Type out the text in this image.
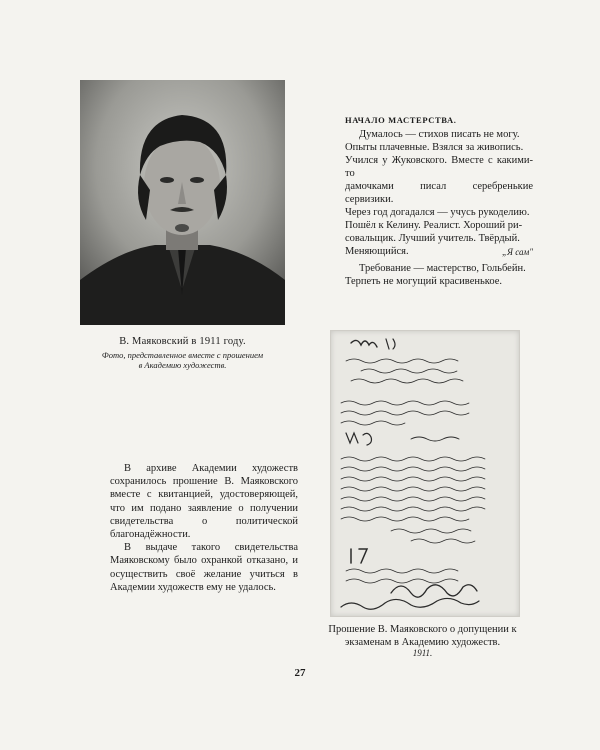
В. Маяковский в 1911 году.
Фото, представленное вместе с прошением
в Академию художеств.
НАЧАЛО МАСТЕРСТВА.

Думалось — стихов писать не могу.

Опыты плачевные. Взялся за живопись.

Учился у Жуковского. Вместе с какими-то

дамочками писал серебренькие сервизики.

Через год догадался — учусь рукоделию.

Пошёл к Келину. Реалист. Хороший ри-

совальщик. Лучший учитель. Твёрдый.

Меняющийся.

Требование — мастерство, Гольбейн.

Терпеть не могущий красивенькое.

„Я сам"

В архиве Академии художеств сохранилось прошение В. Маяковского вместе с квитанцией, удостоверяющей, что им подано заявление о получении свидетельства о политической благонадёжности.

В выдаче такого свидетельства Маяковскому было охранкой отказано, и осуществить своё желание учиться в Академии художеств ему не удалось.

Прошение В. Маяковского о допущении к экзаменам в Академию художеств.
1911.
27
